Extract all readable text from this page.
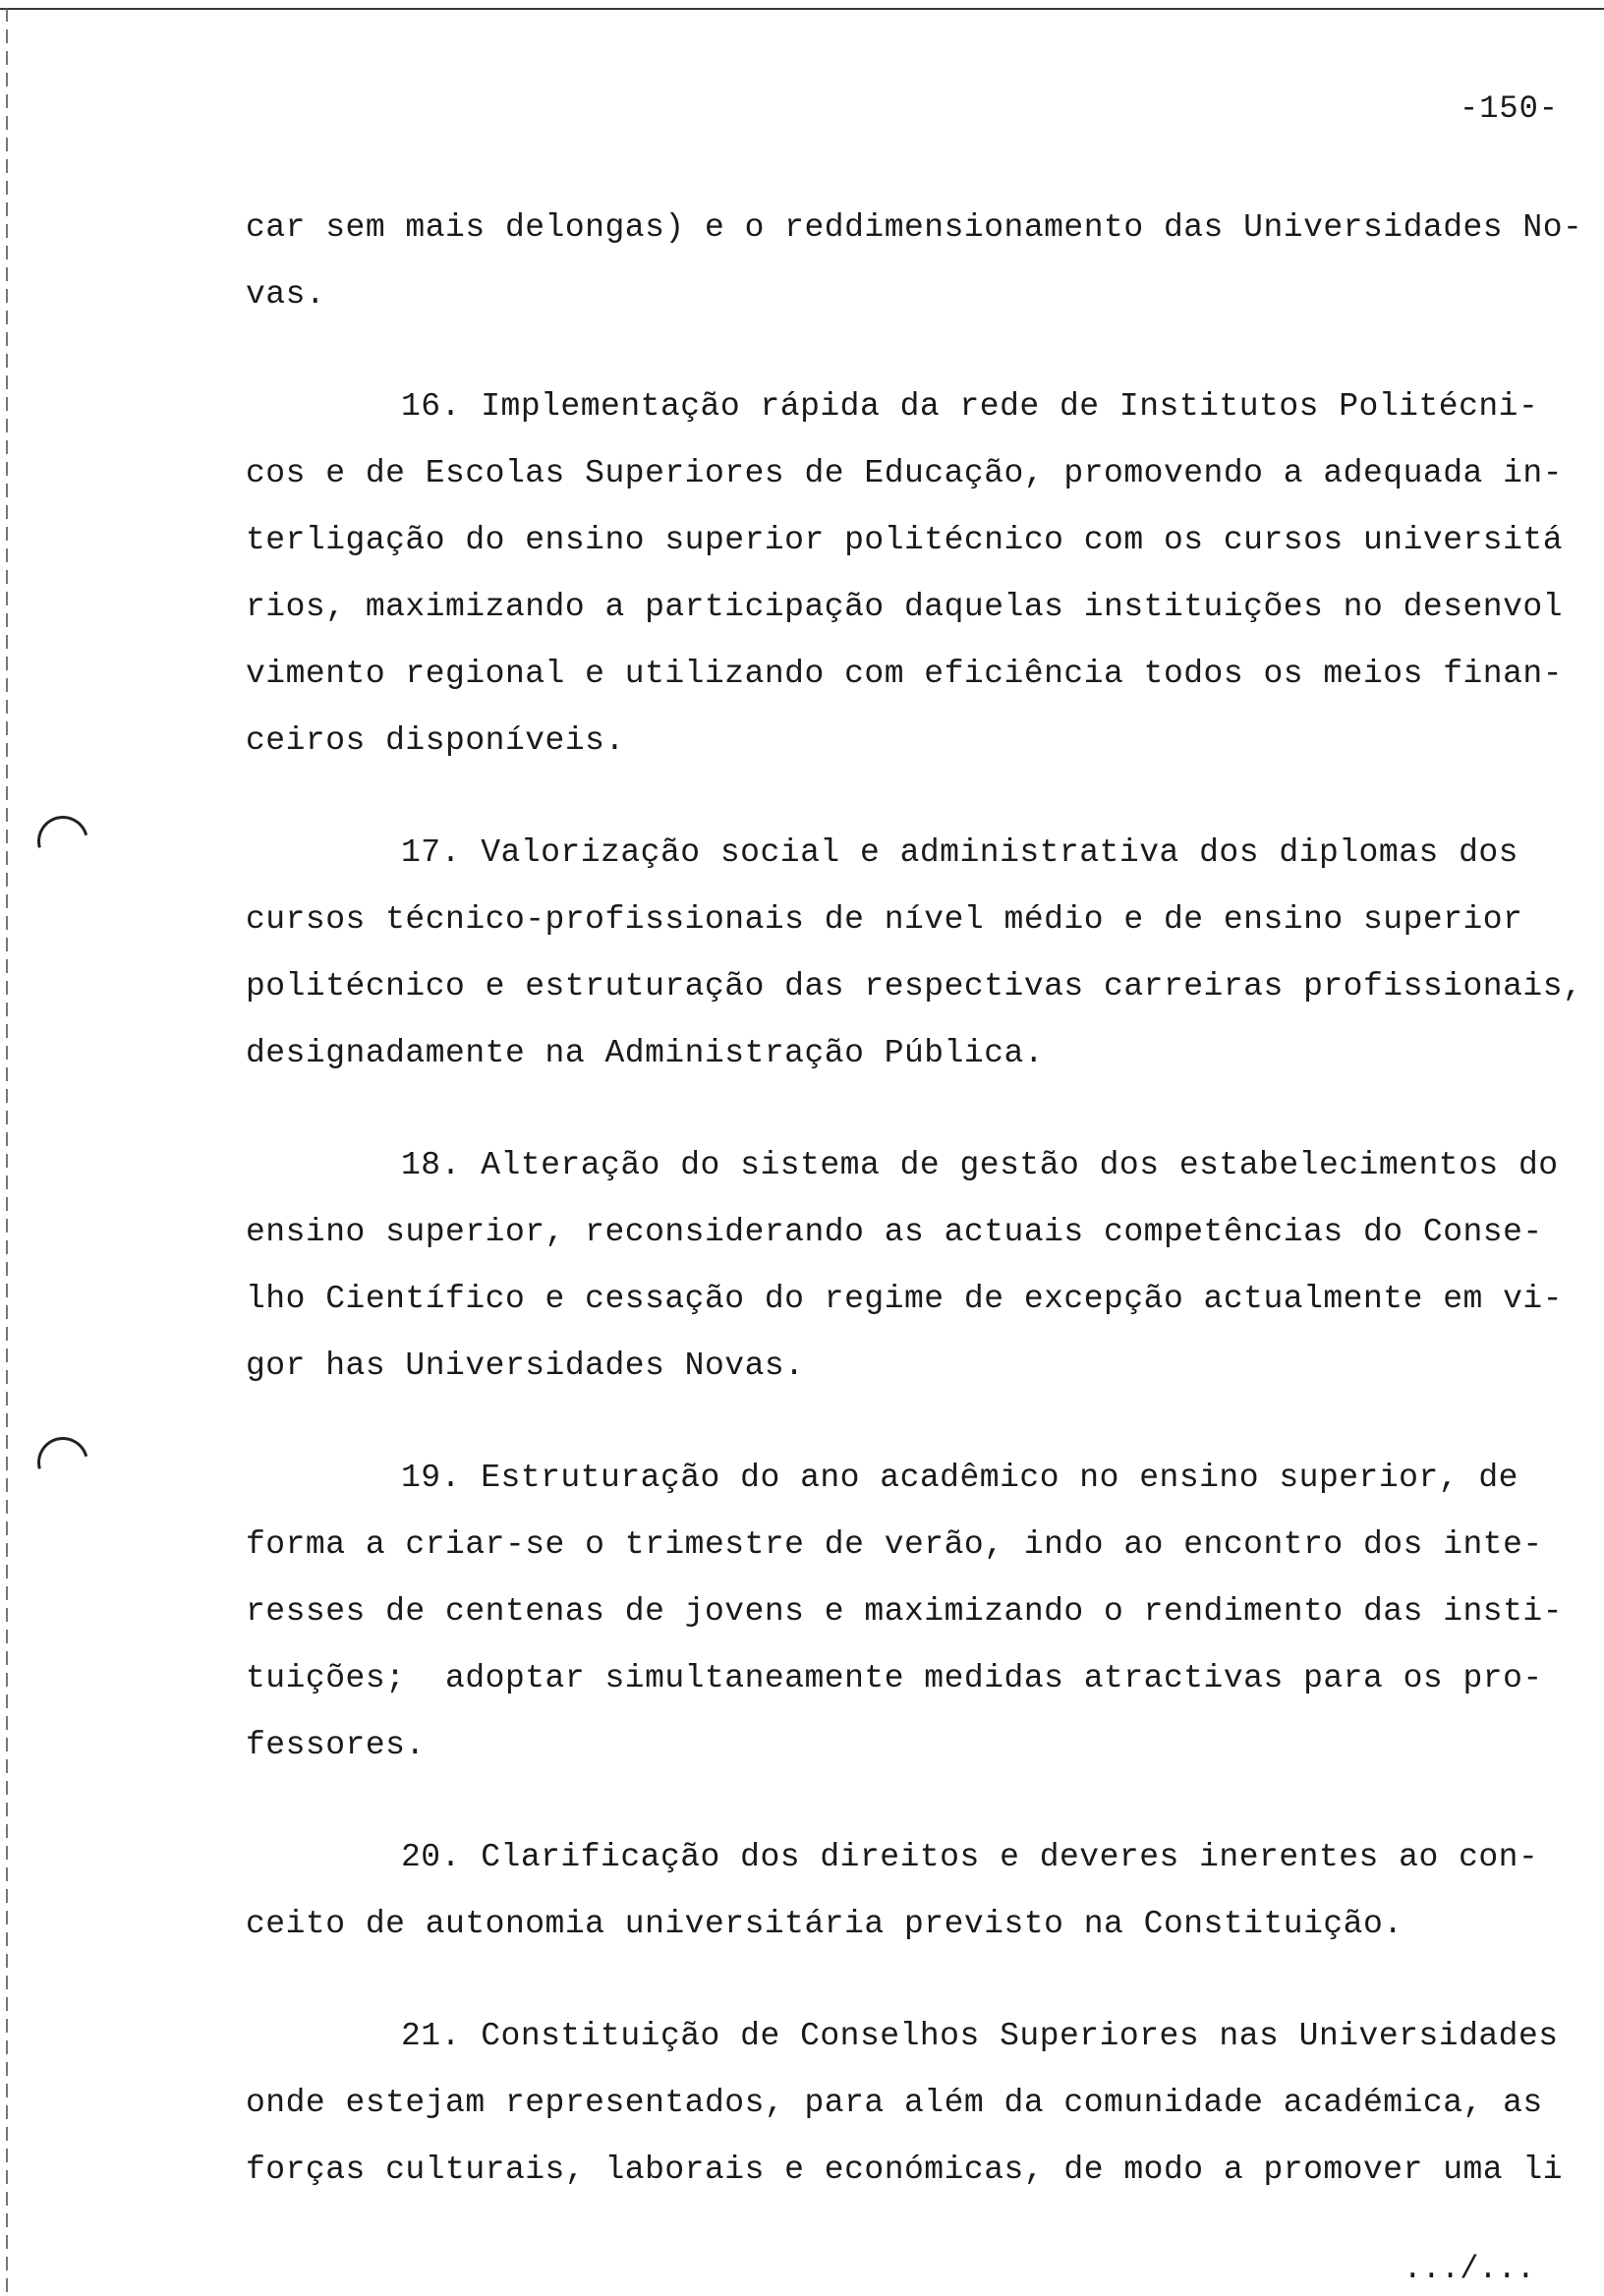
-150-
car sem mais delongas) e o reddimensionamento das Universidades No-
vas.
16. Implementação rápida da rede de Institutos Politécni-
cos e de Escolas Superiores de Educação, promovendo a adequada in-
terligação do ensino superior politécnico com os cursos universitá
rios, maximizando a participação daquelas instituições no desenvol
vimento regional e utilizando com eficiência todos os meios finan-
ceiros disponíveis.
17. Valorização social e administrativa dos diplomas dos
cursos técnico-profissionais de nível médio e de ensino superior
politécnico e estruturação das respectivas carreiras profissionais,
designadamente na Administração Pública.
18. Alteração do sistema de gestão dos estabelecimentos do
ensino superior, reconsiderando as actuais competências do Conse-
lho Científico e cessação do regime de excepção actualmente em vi-
gor has Universidades Novas.
19. Estruturação do ano acadêmico no ensino superior, de
forma a criar-se o trimestre de verão, indo ao encontro dos inte-
resses de centenas de jovens e maximizando o rendimento das insti-
tuições;  adoptar simultaneamente medidas atractivas para os pro-
fessores.
20. Clarificação dos direitos e deveres inerentes ao con-
ceito de autonomia universitária previsto na Constituição.
21. Constituição de Conselhos Superiores nas Universidades
onde estejam representados, para além da comunidade académica, as
forças culturais, laborais e económicas, de modo a promover uma li
.../...
